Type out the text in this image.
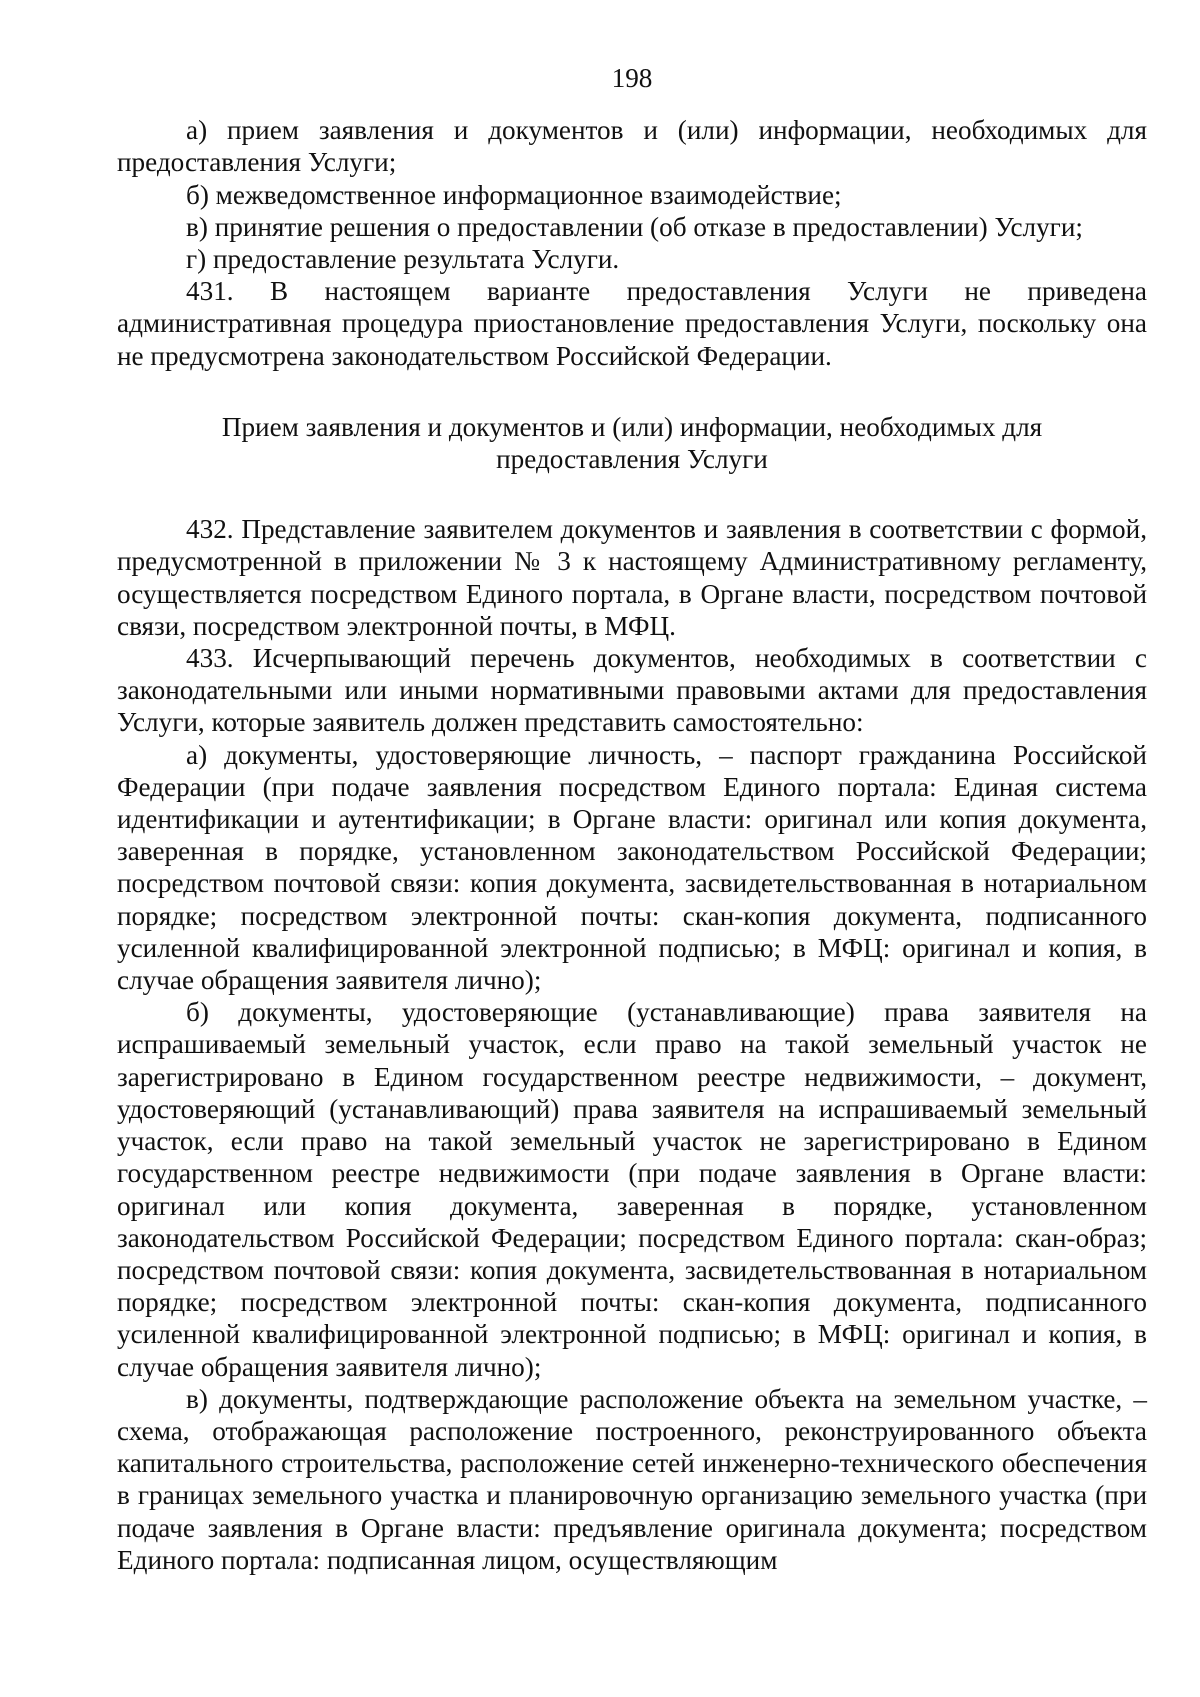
198

а) прием заявления и документов и (или) информации, необходимых для предоставления Услуги;

б) межведомственное информационное взаимодействие;

в) принятие решения о предоставлении (об отказе в предоставлении) Услуги;

г) предоставление результата Услуги.

431. В настоящем варианте предоставления Услуги не приведена административная процедура приостановление предоставления Услуги, поскольку она не предусмотрена законодательством Российской Федерации.

Прием заявления и документов и (или) информации, необходимых для предоставления Услуги

432. Представление заявителем документов и заявления в соответствии с формой, предусмотренной в приложении № 3 к настоящему Административному регламенту, осуществляется посредством Единого портала, в Органе власти, посредством почтовой связи, посредством электронной почты, в МФЦ.

433. Исчерпывающий перечень документов, необходимых в соответствии с законодательными или иными нормативными правовыми актами для предоставления Услуги, которые заявитель должен представить самостоятельно:

а) документы, удостоверяющие личность, – паспорт гражданина Российской Федерации (при подаче заявления посредством Единого портала: Единая система идентификации и аутентификации; в Органе власти: оригинал или копия документа, заверенная в порядке, установленном законодательством Российской Федерации; посредством почтовой связи: копия документа, засвидетельствованная в нотариальном порядке; посредством электронной почты: скан-копия документа, подписанного усиленной квалифицированной электронной подписью; в МФЦ: оригинал и копия, в случае обращения заявителя лично);

б) документы, удостоверяющие (устанавливающие) права заявителя на испрашиваемый земельный участок, если право на такой земельный участок не зарегистрировано в Едином государственном реестре недвижимости, – документ, удостоверяющий (устанавливающий) права заявителя на испрашиваемый земельный участок, если право на такой земельный участок не зарегистрировано в Едином государственном реестре недвижимости (при подаче заявления в Органе власти: оригинал или копия документа, заверенная в порядке, установленном законодательством Российской Федерации; посредством Единого портала: скан-образ; посредством почтовой связи: копия документа, засвидетельствованная в нотариальном порядке; посредством электронной почты: скан-копия документа, подписанного усиленной квалифицированной электронной подписью; в МФЦ: оригинал и копия, в случае обращения заявителя лично);

в) документы, подтверждающие расположение объекта на земельном участке, – схема, отображающая расположение построенного, реконструированного объекта капитального строительства, расположение сетей инженерно-технического обеспечения в границах земельного участка и планировочную организацию земельного участка (при подаче заявления в Органе власти: предъявление оригинала документа; посредством Единого портала: подписанная лицом, осуществляющим
